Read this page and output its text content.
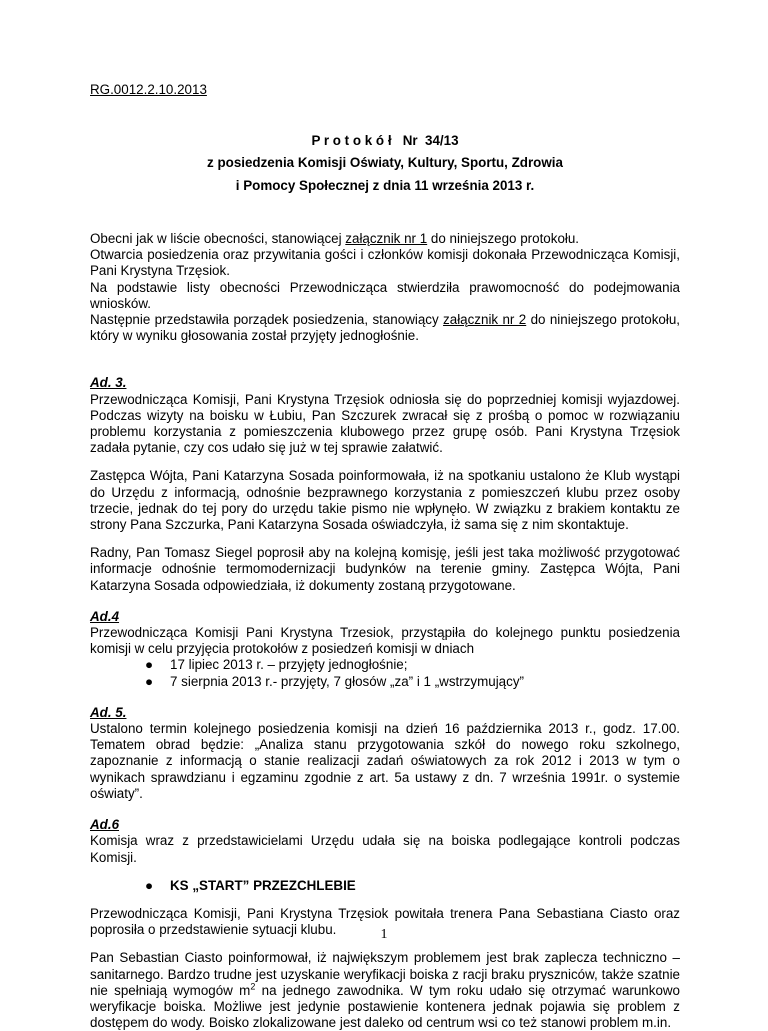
RG.0012.2.10.2013
P r o t o k ó ł   Nr  34/13
z posiedzenia Komisji Oświaty, Kultury, Sportu, Zdrowia
i Pomocy Społecznej z dnia 11 września 2013 r.

Obecni jak w liście obecności, stanowiącej załącznik nr 1 do niniejszego protokołu.

Otwarcia posiedzenia oraz przywitania gości i członków komisji dokonała Przewodnicząca Komisji, Pani Krystyna Trzęsiok.

Na podstawie listy obecności Przewodnicząca stwierdziła prawomocność do podejmowania wniosków.

Następnie przedstawiła porządek posiedzenia, stanowiący załącznik nr 2 do niniejszego protokołu, który w wyniku głosowania został przyjęty jednogłośnie.

Ad. 3.

Przewodnicząca Komisji, Pani Krystyna Trzęsiok odniosła się do poprzedniej komisji wyjazdowej. Podczas wizyty na boisku w Łubiu, Pan Szczurek zwracał się z prośbą o pomoc w rozwiązaniu problemu korzystania z pomieszczenia klubowego przez grupę osób. Pani Krystyna Trzęsiok zadała pytanie, czy cos udało się już w tej sprawie załatwić.

Zastępca Wójta, Pani Katarzyna Sosada poinformowała, iż na spotkaniu ustalono że Klub wystąpi do Urzędu z informacją, odnośnie bezprawnego korzystania z pomieszczeń klubu przez osoby trzecie, jednak do tej pory do urzędu takie pismo nie wpłynęło. W związku z brakiem kontaktu ze strony Pana Szczurka, Pani Katarzyna Sosada oświadczyła, iż sama się z nim skontaktuje.

Radny, Pan Tomasz Siegel poprosił aby na kolejną komisję, jeśli jest taka możliwość przygotować informacje odnośnie termomodernizacji budynków na terenie gminy. Zastępca Wójta, Pani Katarzyna Sosada odpowiedziała, iż dokumenty zostaną przygotowane.

Ad.4

Przewodnicząca Komisji Pani Krystyna Trzesiok, przystąpiła do kolejnego punktu posiedzenia komisji w celu przyjęcia protokołów z posiedzeń komisji w dniach

● 17 lipiec 2013 r. – przyjęty jednogłośnie;
● 7 sierpnia 2013 r.- przyjęty, 7 głosów „za” i 1 „wstrzymujący”

Ad. 5.

Ustalono termin kolejnego posiedzenia komisji na dzień 16 października 2013 r., godz. 17.00. Tematem obrad będzie: „Analiza stanu przygotowania szkół do nowego roku szkolnego, zapoznanie z informacją o stanie realizacji zadań oświatowych za rok 2012 i 2013 w tym o wynikach sprawdzianu i egzaminu zgodnie z art. 5a ustawy z dn. 7 września 1991r. o systemie oświaty”.

Ad.6

Komisja wraz z przedstawicielami Urzędu udała się na boiska podlegające kontroli podczas Komisji.

● KS „START” PRZEZCHLEBIE

Przewodnicząca Komisji, Pani Krystyna Trzęsiok powitała trenera Pana Sebastiana Ciasto oraz poprosiła o przedstawienie sytuacji klubu.

Pan Sebastian Ciasto poinformował, iż największym problemem jest brak zaplecza techniczno – sanitarnego. Bardzo trudne jest uzyskanie weryfikacji boiska z racji braku pryszniców, także szatnie nie spełniają wymogów $m^2$ na jednego zawodnika. W tym roku udało się otrzymać warunkowo weryfikacje boiska. Możliwe jest jedynie postawienie kontenera jednak pojawia się problem z dostępem do wody. Boisko zlokalizowane jest daleko od centrum wsi co też stanowi problem m.in.

1
